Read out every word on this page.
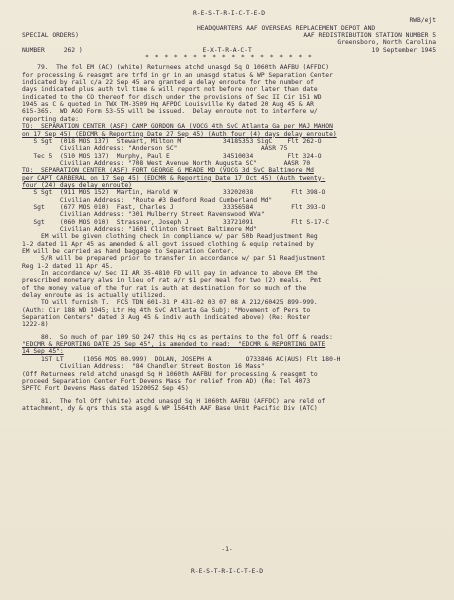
R-E-S-T-R-I-C-T-E-D
RWB/ejt
HEADQUARTERS AAF OVERSEAS REPLACEMENT DEPOT AND
SPECIAL ORDERS)	AAF REDISTRIBUTION STATION NUMBER 5
Greensboro, North Carolina
NUMBER     262 )	E-X-T-R-A-C-T	19 September 1945
* * * * * * * * * * * * * * * * * *
79.  The fol EM (AC) (white) Returnees atchd unasgd Sq O 1060th AAFBU (AFFDC)
for processing & reasgmt are trfd in gr in an unasgd status & WP Separation Center
indicated by rail c/a 22 Sep 45 are granted a delay enroute for the number of
days indicated plus auth tvl time & will report not before nor later than date
indicated to the CO thereof for disch under the provisions of Sec II Cir 151 WD
1945 as C & quoted in TWX TM-3509 Hq AFPDC Louisville Ky dated 20 Aug 45 & AR
615-365.  WD AGO Form 53-55 will be issued.  Delay enroute not to interfere w/
reporting date:
TO:  SEPARATION CENTER (ASF) CAMP GORDON GA (VOCG 4th SvC Atlanta Ga per MAJ MAHON
on 17 Sep 45) (EDCMR & Reporting Date 27 Sep 45) (Auth four (4) days delay enroute)
S Sgt  (018 MOS 137)  Stewart, Milton M           34185353 SigC    Flt 262-O
Civilian Address: "Anderson SC"                      AASR 75
Tec 5  (510 MOS 137)  Murphy, Paul E              34510034         Flt 324-O
Civilian Address: "708 West Avenue North Augusta SC"       AASR 70
TO:  SEPARATION CENTER (ASF) FORT GEORGE G MEADE MD (VOCG 3d SvC Baltimore Md
per CAPT CARBERAL on 17 Sep 45) (EDCMR & Reporting Date 17 Oct 45) (Auth twenty-
four (24) days delay enroute)
S Sgt  (911 MOS 152)  Martin, Harold W            33202038          Flt 398-O
Civilian Address:  "Route #3 Bedford Road Cumberland Md"
Sgt    (677 MOS 010)  Fast, Charles J             33356584          Flt 393-O
Civilian Address: "301 Mulberry Street Ravenswood WVa"
Sgt    (060 MOS 010)  Strassner, Joseph J         33721091          Flt S-17-C
Civilian Address: "1601 Clinton Street Baltimore Md"
EM will be given clothing check in compliance w/ par 50b Readjustment Reg
1-2 dated 11 Apr 45 as amended & all govt issued clothing & equip retained by
EM will be carried as hand baggage to Separation Center.
S/R will be prepared prior to transfer in accordance w/ par 51 Readjustment
Reg 1-2 dated 11 Apr 45.
In accordance w/ Sec II AR 35-4810 FD will pay in advance to above EM the
prescribed monetary alws in lieu of rat a/r $1 per meal for two (2) meals.  Pmt
of the money value of the fur rat is auth at destination for so much of the
delay enroute as is actually utilized.
TO will furnish T.  FCS TDN 601-31 P 431-02 03 07 08 A 212/60425 899-999.
(Auth: Cir 188 WD 1945; Ltr Hq 4th SvC Atlanta Ga Subj: "Movement of Pers to
Separation Centers" dated 3 Aug 45 & indiv auth indicated above) (Re: Roster
1222-8)
80.  So much of par 109 SO 247 this Hq cs as pertains to the fol Off & reads:
"EDCMR & REPORTING DATE 25 Sep 45", is amended to read:  "EDCMR & REPORTING DATE
14 Sep 45":
1ST LT     (1056 MOS 00.999)  DOLAN, JOSEPH A         O733846 AC(AUS) Flt 180-H
Civilian Address:  "84 Chandler Street Boston 16 Mass"
(Off Returnees reld atchd unasgd Sq H 1060th AAFBU for processing & reasgmt to
proceed Separation Center Fort Devens Mass for relief from AD) (Re: Tel 4073
SPFTC Fort Devens Mass dated 152005Z Sep 45)
81.  The fol Off (white) atchd unasgd Sq H 1060th AAFBU (AFFDC) are reld of
attachment, dy & qrs this sta asgd & WP 1564th AAF Base Unit Pacific Div (ATC)

-1-

R-E-S-T-R-I-C-T-E-D
